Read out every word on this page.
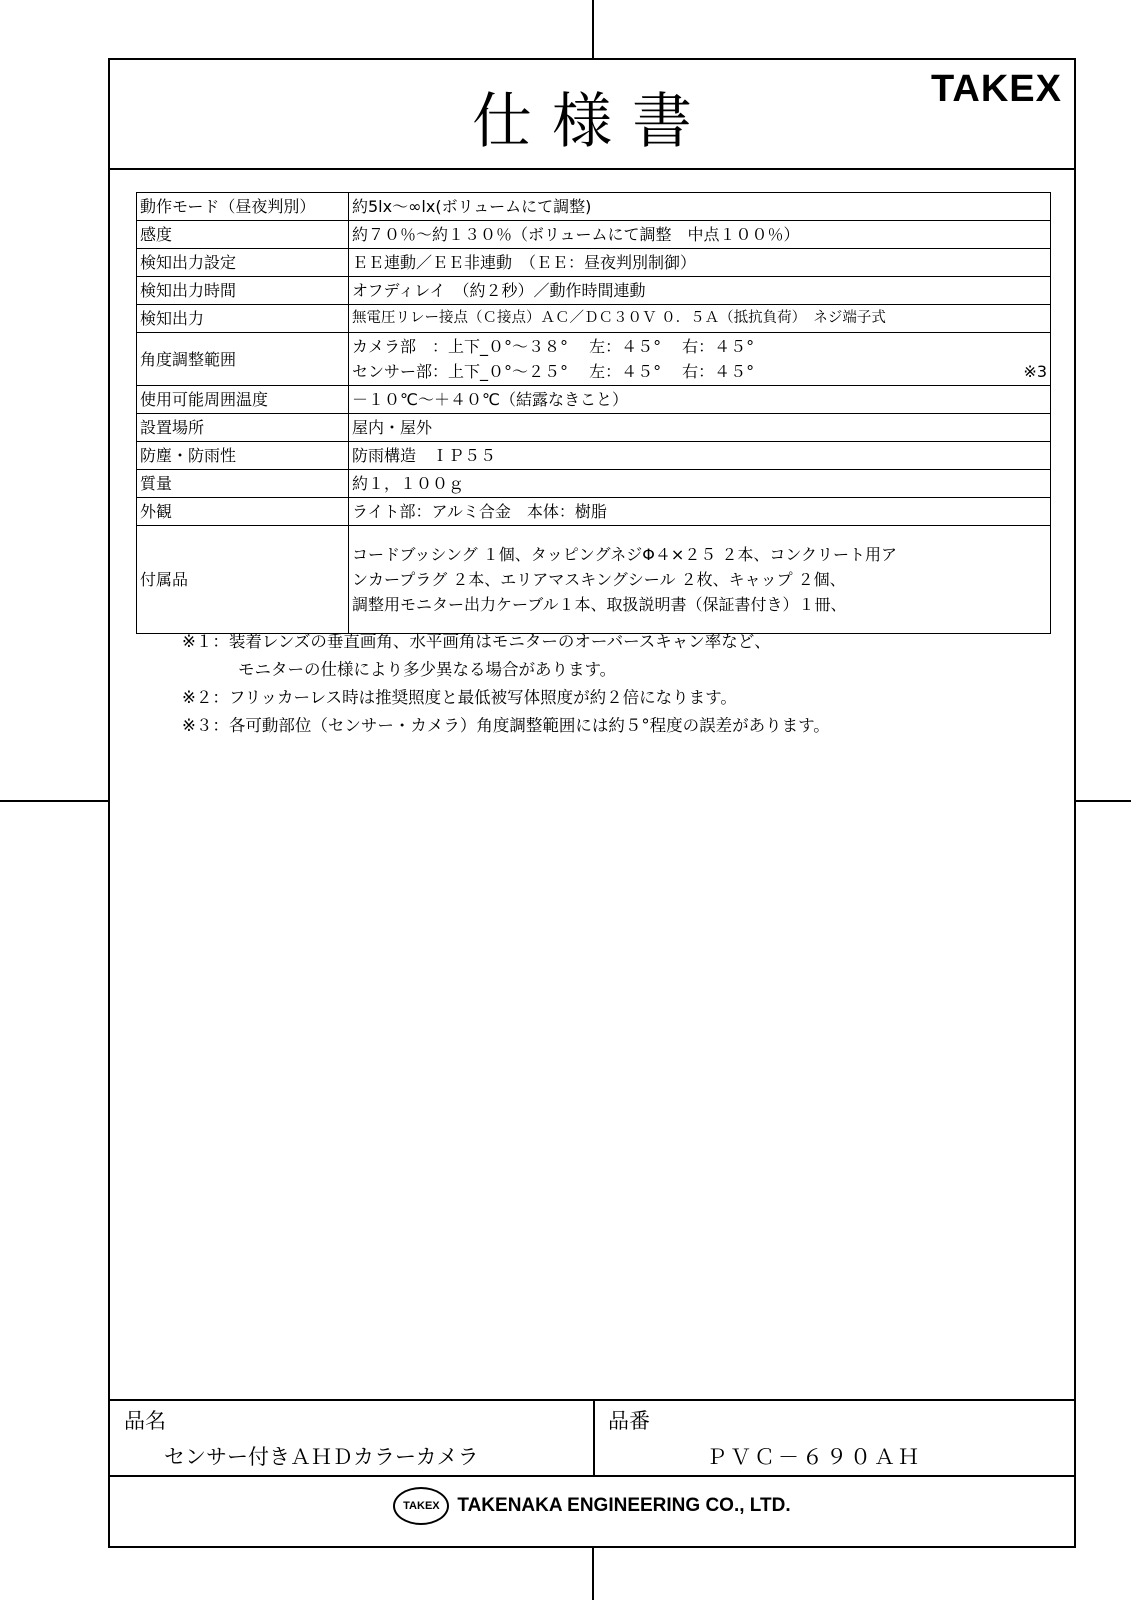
仕様書	TAKEX
動作モード（昼夜判別）	約5lx～∞lx(ボリュームにて調整)
感度	約７０％～約１３０％（ボリュームにて調整　中点１００％）
検知出力設定	ＥＥ連動／ＥＥ非連動　（ＥＥ：昼夜判別制御）
検知出力時間	オフディレイ　（約２秒）／動作時間連動
検知出力	無電圧リレー接点（Ｃ接点）ＡＣ／ＤＣ３０Ｖ ０．５Ａ（抵抗負荷）　ネジ端子式
角度調整範囲	カメラ部　：上下_０°～３８°　 左：４５°　 右：４５°
センサー部：上下_０°～２５°　 左：４５°　 右：４５° ※3

使用可能周囲温度	－１０℃～＋４０℃（結露なきこと）
設置場所	屋内・屋外
防塵・防雨性	防雨構造　ＩＰ５５
質量	約１，１００ｇ
外観	ライト部：アルミ合金　本体：樹脂
付属品	コードブッシング １個、タッピングネジΦ４×２５ ２本、コンクリート用ア
ンカープラグ ２本、エリアマスキングシール ２枚、キャップ ２個、
調整用モニター出力ケーブル１本、取扱説明書（保証書付き）１冊、
※１：装着レンズの垂直画角、水平画角はモニターのオーバースキャン率など、
モニターの仕様により多少異なる場合があります。
※２：フリッカーレス時は推奨照度と最低被写体照度が約２倍になります。
※３：各可動部位（センサー・カメラ）角度調整範囲には約５°程度の誤差があります。
品名
センサー付きＡＨＤカラーカメラ
品番
ＰＶＣ－６９０ＡＨ
TAKEX TAKENAKA ENGINEERING CO., LTD.
